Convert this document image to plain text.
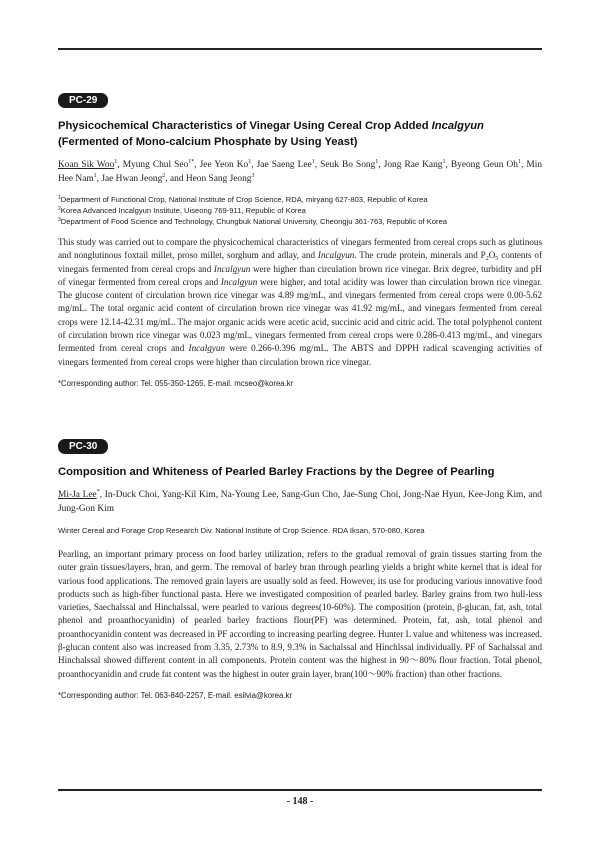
PC-29
Physicochemical Characteristics of Vinegar Using Cereal Crop Added Incalgyun
(Fermented of Mono-calcium Phosphate by Using Yeast)
Koan Sik Woo$^1$, Myung Chul Seo$^{1*}$, Jee Yeon Ko$^1$, Jae Saeng Lee$^1$, Seuk Bo Song$^1$, Jong Rae Kang$^1$, Byeong Geun Oh$^1$, Min Hee Nam$^1$, Jae Hwan Jeong$^2$, and Heon Sang Jeong$^3$
$^1$Department of Functional Crop, National Institute of Crop Science, RDA, miryang 627-803, Republic of Korea
$^2$Korea Advanced Incalgyun Institute, Uiseong 769-911, Republic of Korea
$^3$Department of Food Science and Technology, Chungbuk National University, Cheongju 361-763, Republic of Korea
This study was carried out to compare the physicochemical characteristics of vinegars fermented from cereal crops such as glutinous and nonglutinous foxtail millet, proso millet, sorghum and adlay, and Incalgyun. The crude protein, minerals and $P_2O_5$ contents of vinegars fermented from cereal crops and Incalgyun were higher than circulation brown rice vinegar. Brix degree, turbidity and pH of vinegar fermented from cereal crops and Incalgyun were higher, and total acidity was lower than circulation brown rice vinegar. The glucose content of circulation brown rice vinegar was 4.89 mg/mL, and vinegars fermented from cereal crops were 0.00-5.62 mg/mL. The total organic acid content of circulation brown rice vinegar was 41.92 mg/mL, and vinegars fermented from cereal crops were 12.14-42.31 mg/mL. The major organic acids were acetic acid, succinic acid and citric acid. The total polyphenol content of circulation brown rice vinegar was 0.023 mg/mL, vinegars fermented from cereal crops were 0.286-0.413 mg/mL, and vinegars fermented from cereal crops and Incalgyun were 0.266-0.396 mg/mL. The ABTS and DPPH radical scavenging activities of vinegars fermented from cereal crops were higher than circulation brown rice vinegar.
*Corresponding author: Tel. 055-350-1265, E-mail. mcseo@korea.kr
PC-30
Composition and Whiteness of Pearled Barley Fractions by the Degree of Pearling
Mi-Ja Lee*, In-Duck Choi, Yang-Kil Kim, Na-Young Lee, Sang-Gun Cho, Jae-Sung Choi, Jong-Nae Hyun, Kee-Jong Kim, and Jung-Gon Kim
Winter Cereal and Forage Crop Research Div. National Institute of Crop Science. RDA Iksan, 570-080, Korea
Pearling, an important primary process on food barley utilization, refers to the gradual removal of grain tissues starting from the outer grain tissues/layers, bran, and germ. The removal of barley bran through pearling yields a bright white kernel that is ideal for various food applications. The removed grain layers are usually sold as feed. However, its use for producing various innovative food products such as high-fiber functional pasta. Here we investigated composition of pearled barley. Barley grains from two hull-less varieties, Saechalssal and Hinchalssal, were pearled to various degrees(10-60%). The composition (protein, β-glucan, fat, ash, total phenol and proanthocyanidin) of pearled barley fractions flour(PF) was determined. Protein, fat, ash, total phenol and proanthocyanidin content was decreased in PF according to increasing pearling degree. Hunter L value and whiteness was increased. β-glucan content also was increased from 3.35, 2.73% to 8.9, 9.3% in Sachalssal and Hinchlssal individually. PF of Sachalssal and Hinchalssal showed different content in all components. Protein content was the highest in 90～80% flour fraction. Total phenol, proanthocyanidin and crude fat content was the highest in outer grain layer, bran(100～90% fraction) than other fractions.
*Corresponding author: Tel. 063-840-2257, E-mail. esilvia@korea.kr
- 148 -
